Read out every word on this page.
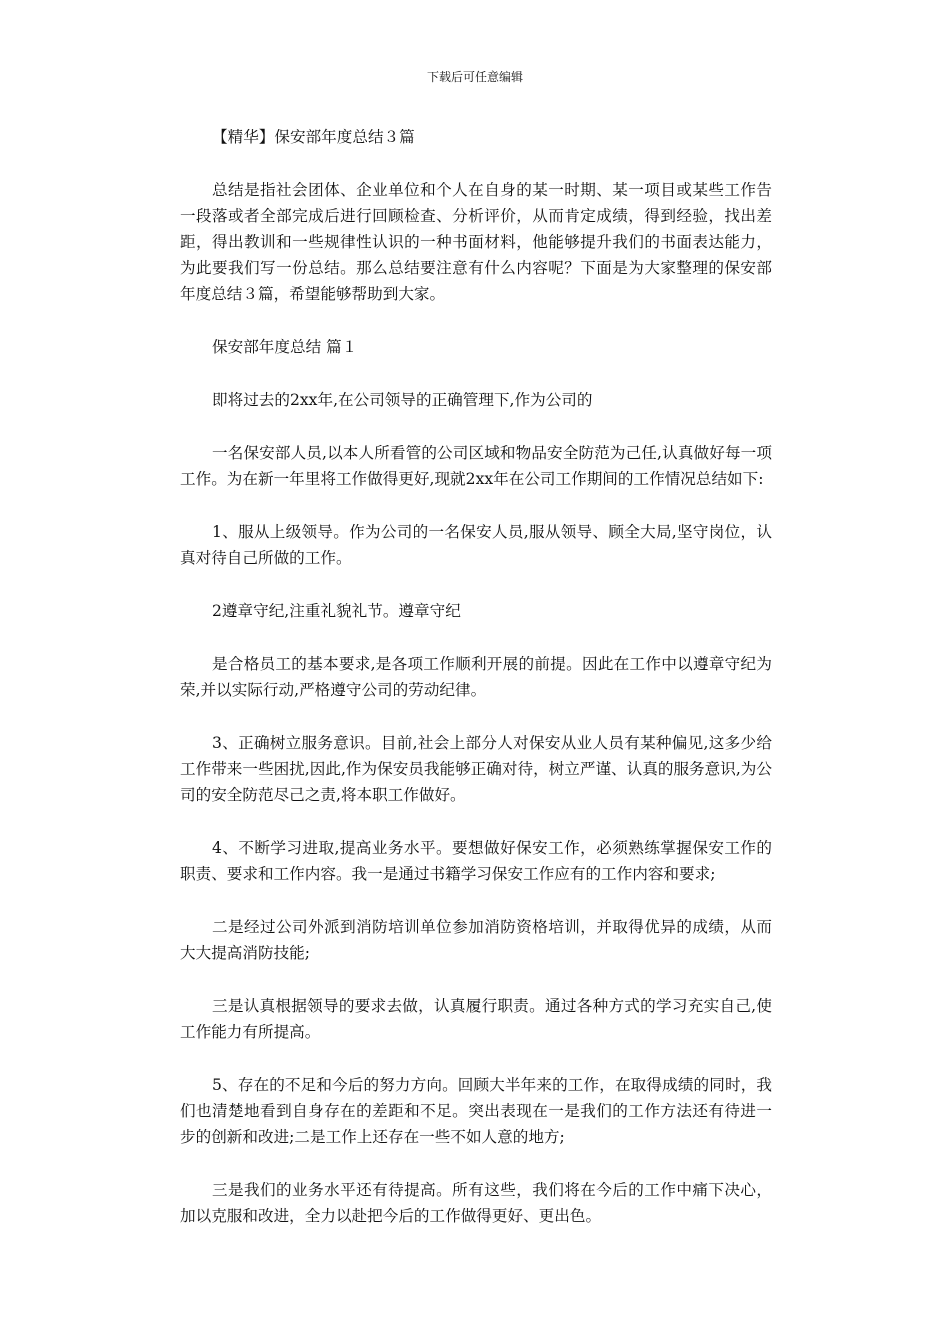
下载后可任意编辑

【精华】保安部年度总结３篇

总结是指社会团体、企业单位和个人在自身的某一时期、某一项目或某些工作告一段落或者全部完成后进行回顾检查、分析评价，从而肯定成绩，得到经验，找出差距，得出教训和一些规律性认识的一种书面材料，他能够提升我们的书面表达能力，为此要我们写一份总结。那么总结要注意有什么内容呢？下面是为大家整理的保安部年度总结３篇，希望能够帮助到大家。

保安部年度总结 篇１

即将过去的2xx年,在公司领导的正确管理下,作为公司的

一名保安部人员,以本人所看管的公司区域和物品安全防范为己任,认真做好每一项工作。为在新一年里将工作做得更好,现就2xx年在公司工作期间的工作情况总结如下:

1、服从上级领导。作为公司的一名保安人员,服从领导、顾全大局,坚守岗位，认真对待自己所做的工作。

2遵章守纪,注重礼貌礼节。遵章守纪

是合格员工的基本要求,是各项工作顺利开展的前提。因此在工作中以遵章守纪为荣,并以实际行动,严格遵守公司的劳动纪律。

3、正确树立服务意识。目前,社会上部分人对保安从业人员有某种偏见,这多少给工作带来一些困扰,因此,作为保安员我能够正确对待，树立严谨、认真的服务意识,为公司的安全防范尽己之责,将本职工作做好。

4、不断学习进取,提高业务水平。要想做好保安工作，必须熟练掌握保安工作的职责、要求和工作内容。我一是通过书籍学习保安工作应有的工作内容和要求;

二是经过公司外派到消防培训单位参加消防资格培训，并取得优异的成绩，从而大大提高消防技能;

三是认真根据领导的要求去做，认真履行职责。通过各种方式的学习充实自己,使工作能力有所提高。

5、存在的不足和今后的努力方向。回顾大半年来的工作，在取得成绩的同时，我们也清楚地看到自身存在的差距和不足。突出表现在一是我们的工作方法还有待进一步的创新和改进;二是工作上还存在一些不如人意的地方;

三是我们的业务水平还有待提高。所有这些，我们将在今后的工作中痛下决心，加以克服和改进，全力以赴把今后的工作做得更好、更出色。
